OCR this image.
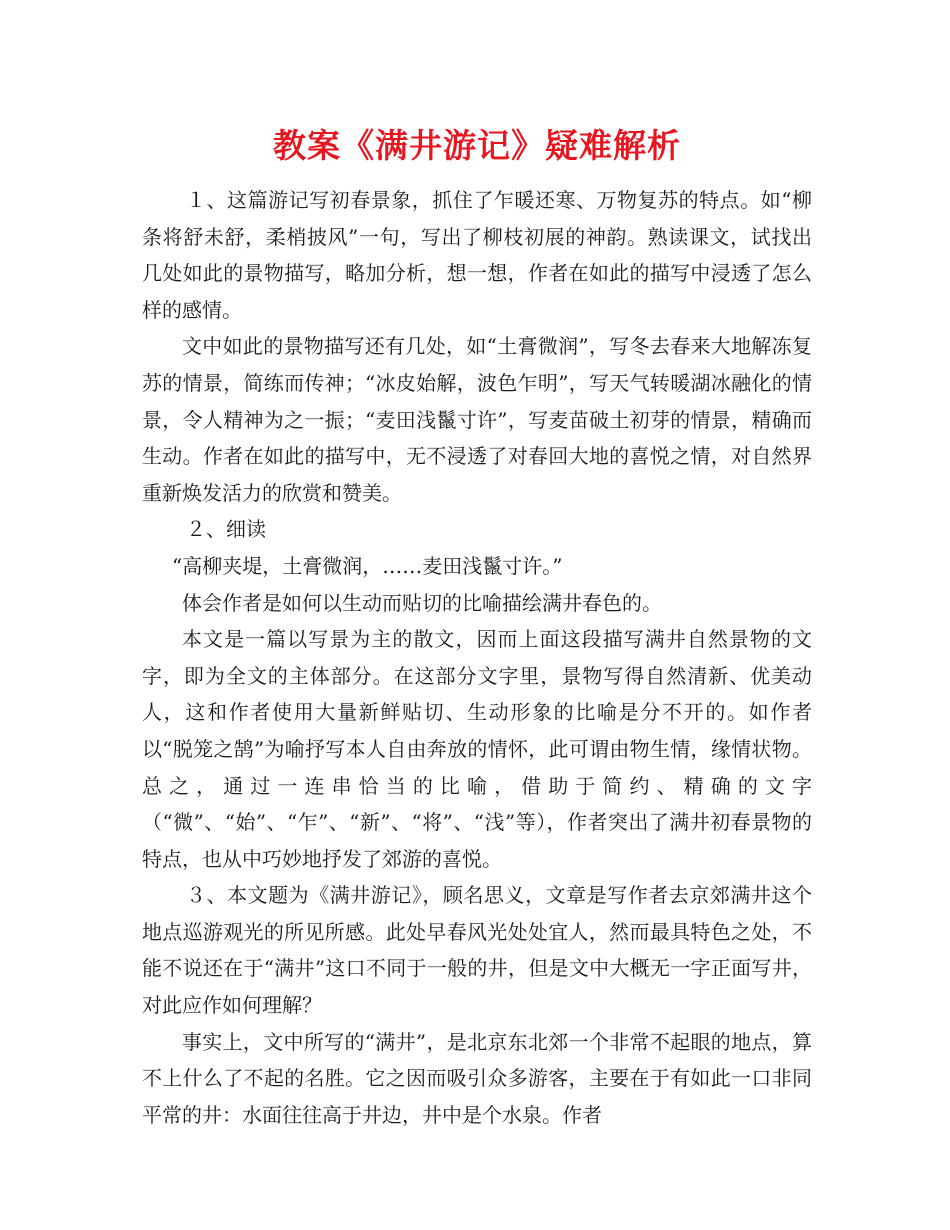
教案《满井游记》疑难解析

１、这篇游记写初春景象，抓住了乍暖还寒、万物复苏的特点。如“柳条将舒未舒，柔梢披风”一句，写出了柳枝初展的神韵。熟读课文，试找出几处如此的景物描写，略加分析，想一想，作者在如此的描写中浸透了怎么样的感情。

文中如此的景物描写还有几处，如“土膏微润”，写冬去春来大地解冻复苏的情景，简练而传神；“冰皮始解，波色乍明”，写天气转暖湖冰融化的情景，令人精神为之一振；“麦田浅鬣寸许”，写麦苗破土初芽的情景，精确而生动。作者在如此的描写中，无不浸透了对春回大地的喜悦之情，对自然界重新焕发活力的欣赏和赞美。

２、细读

“高柳夹堤，土膏微润，……麦田浅鬣寸许。”

体会作者是如何以生动而贴切的比喻描绘满井春色的。

本文是一篇以写景为主的散文，因而上面这段描写满井自然景物的文字，即为全文的主体部分。在这部分文字里，景物写得自然清新、优美动人，这和作者使用大量新鲜贴切、生动形象的比喻是分不开的。如作者以“脱笼之鹄”为喻抒写本人自由奔放的情怀，此可谓由物生情，缘情状物。总之，通过一连串恰当的比喻，借助于简约、精确的文字（“微”、“始”、“乍”、“新”、“将”、“浅”等），作者突出了满井初春景物的特点，也从中巧妙地抒发了郊游的喜悦。

３、本文题为《满井游记》，顾名思义，文章是写作者去京郊满井这个地点巡游观光的所见所感。此处早春风光处处宜人，然而最具特色之处，不能不说还在于“满井”这口不同于一般的井，但是文中大概无一字正面写井，对此应作如何理解？

事实上，文中所写的“满井”，是北京东北郊一个非常不起眼的地点，算不上什么了不起的名胜。它之因而吸引众多游客，主要在于有如此一口非同平常的井：水面往往高于井边，井中是个水泉。作者
